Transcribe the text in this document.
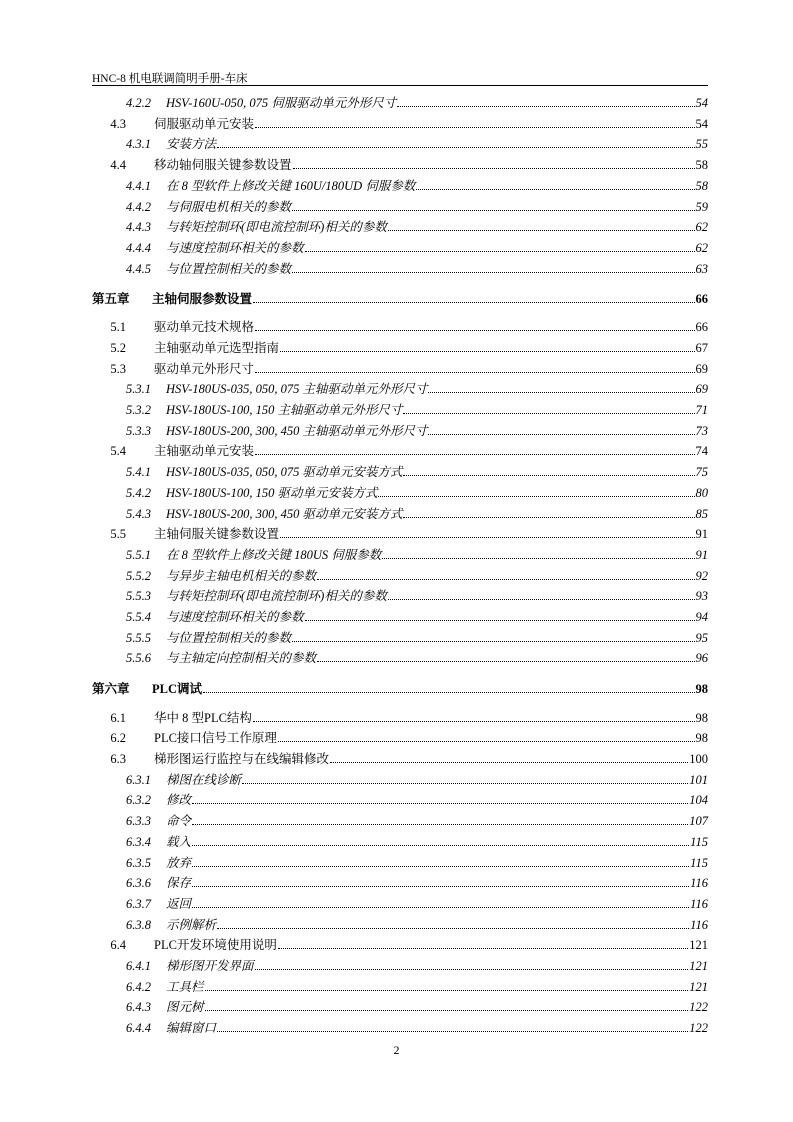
HNC-8 机电联调简明手册-车床
4.2.2 HSV-160U-050, 075 伺服驱动单元外形尺寸	54
4.3 伺服驱动单元安装	54
4.3.1 安装方法	55
4.4 移动轴伺服关键参数设置	58
4.4.1 在 8 型软件上修改关键 160U/180UD 伺服参数	58
4.4.2 与伺服电机相关的参数	59
4.4.3 与转矩控制环(即电流控制环)相关的参数	62
4.4.4 与速度控制环相关的参数	62
4.4.5 与位置控制相关的参数	63
第五章 主轴伺服参数设置	66
5.1 驱动单元技术规格	66
5.2 主轴驱动单元选型指南	67
5.3 驱动单元外形尺寸	69
5.3.1 HSV-180US-035, 050, 075 主轴驱动单元外形尺寸	69
5.3.2 HSV-180US-100, 150 主轴驱动单元外形尺寸	71
5.3.3 HSV-180US-200, 300, 450 主轴驱动单元外形尺寸	73
5.4 主轴驱动单元安装	74
5.4.1 HSV-180US-035, 050, 075 驱动单元安装方式	75
5.4.2 HSV-180US-100, 150 驱动单元安装方式	80
5.4.3 HSV-180US-200, 300, 450 驱动单元安装方式	85
5.5 主轴伺服关键参数设置	91
5.5.1 在 8 型软件上修改关键 180US 伺服参数	91
5.5.2 与异步主轴电机相关的参数	92
5.5.3 与转矩控制环(即电流控制环)相关的参数	93
5.5.4 与速度控制环相关的参数	94
5.5.5 与位置控制相关的参数	95
5.5.6 与主轴定向控制相关的参数	96
第六章 PLC调试	98
6.1 华中 8 型PLC结构	98
6.2 PLC接口信号工作原理	98
6.3 梯形图运行监控与在线编辑修改	100
6.3.1 梯图在线诊断	101
6.3.2 修改	104
6.3.3 命令	107
6.3.4 载入	115
6.3.5 放弃	115
6.3.6 保存	116
6.3.7 返回	116
6.3.8 示例解析	116
6.4 PLC开发环境使用说明	121
6.4.1 梯形图开发界面	121
6.4.2 工具栏	121
6.4.3 图元树	122
6.4.4 编辑窗口	122
2
